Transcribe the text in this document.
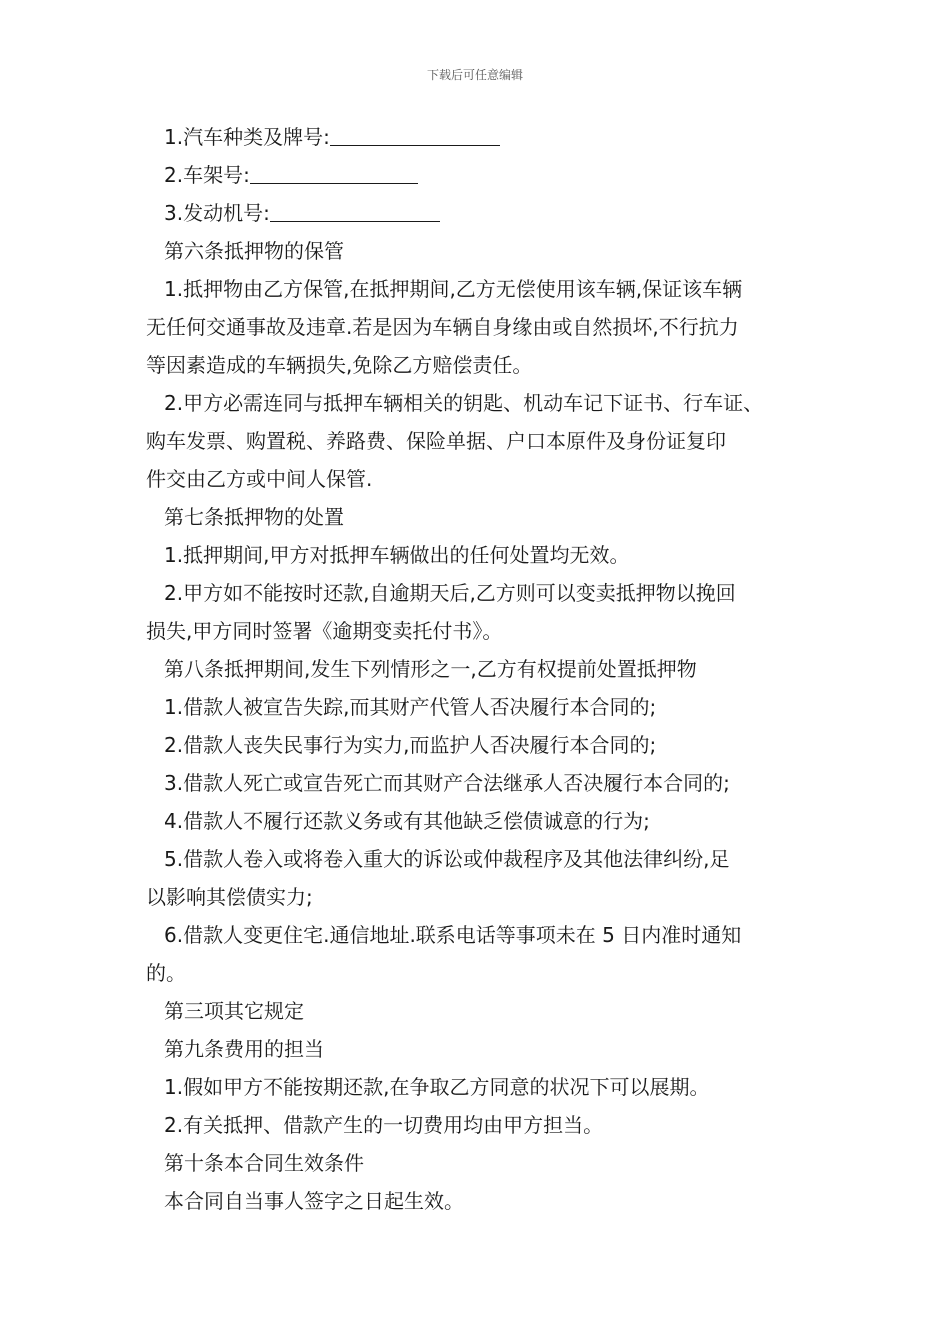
下载后可任意编辑
1.汽车种类及牌号:
2.车架号:
3.发动机号:
第六条抵押物的保管
1.抵押物由乙方保管,在抵押期间,乙方无偿使用该车辆,保证该车辆
无任何交通事故及违章.若是因为车辆自身缘由或自然损坏,不行抗力
等因素造成的车辆损失,免除乙方赔偿责任。
2.甲方必需连同与抵押车辆相关的钥匙、机动车记下证书、行车证、
购车发票、购置税、养路费、保险单据、户口本原件及身份证复印
件交由乙方或中间人保管.
第七条抵押物的处置
1.抵押期间,甲方对抵押车辆做出的任何处置均无效。
2.甲方如不能按时还款,自逾期天后,乙方则可以变卖抵押物以挽回
损失,甲方同时签署《逾期变卖托付书》。
第八条抵押期间,发生下列情形之一,乙方有权提前处置抵押物
1.借款人被宣告失踪,而其财产代管人否决履行本合同的;
2.借款人丧失民事行为实力,而监护人否决履行本合同的;
3.借款人死亡或宣告死亡而其财产合法继承人否决履行本合同的;
4.借款人不履行还款义务或有其他缺乏偿债诚意的行为;
5.借款人卷入或将卷入重大的诉讼或仲裁程序及其他法律纠纷,足
以影响其偿债实力;
6.借款人变更住宅.通信地址.联系电话等事项未在 5 日内准时通知
的。
第三项其它规定
第九条费用的担当
1.假如甲方不能按期还款,在争取乙方同意的状况下可以展期。
2.有关抵押、借款产生的一切费用均由甲方担当。
第十条本合同生效条件
本合同自当事人签字之日起生效。
